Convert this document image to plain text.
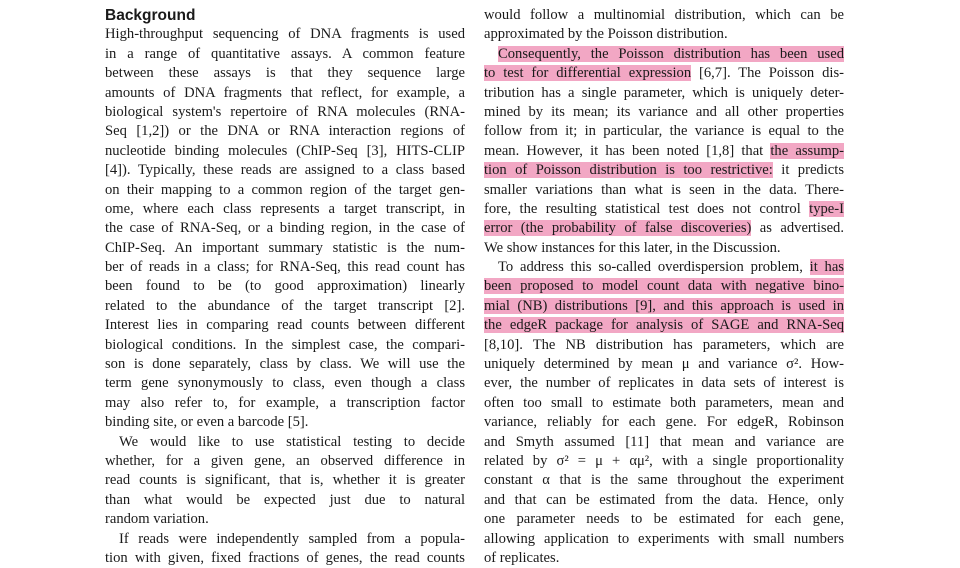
Background
High-throughput sequencing of DNA fragments is used
in a range of quantitative assays. A common feature
between these assays is that they sequence large
amounts of DNA fragments that reflect, for example, a
biological system's repertoire of RNA molecules (RNA-
Seq [1,2]) or the DNA or RNA interaction regions of
nucleotide binding molecules (ChIP-Seq [3], HITS-CLIP
[4]). Typically, these reads are assigned to a class based
on their mapping to a common region of the target gen-
ome, where each class represents a target transcript, in
the case of RNA-Seq, or a binding region, in the case of
ChIP-Seq. An important summary statistic is the num-
ber of reads in a class; for RNA-Seq, this read count has
been found to be (to good approximation) linearly
related to the abundance of the target transcript [2].
Interest lies in comparing read counts between different
biological conditions. In the simplest case, the compari-
son is done separately, class by class. We will use the
term gene synonymously to class, even though a class
may also refer to, for example, a transcription factor
binding site, or even a barcode [5].
We would like to use statistical testing to decide
whether, for a given gene, an observed difference in
read counts is significant, that is, whether it is greater
than what would be expected just due to natural
random variation.
If reads were independently sampled from a popula-
tion with given, fixed fractions of genes, the read counts
would follow a multinomial distribution, which can be
approximated by the Poisson distribution.
Consequently, the Poisson distribution has been used
to test for differential expression [6,7]. The Poisson dis-
tribution has a single parameter, which is uniquely deter-
mined by its mean; its variance and all other properties
follow from it; in particular, the variance is equal to the
mean. However, it has been noted [1,8] that the assump-
tion of Poisson distribution is too restrictive: it predicts
smaller variations than what is seen in the data. There-
fore, the resulting statistical test does not control type-I
error (the probability of false discoveries) as advertised.
We show instances for this later, in the Discussion.
To address this so-called overdispersion problem, it has
been proposed to model count data with negative bino-
mial (NB) distributions [9], and this approach is used in
the edgeR package for analysis of SAGE and RNA-Seq
[8,10]. The NB distribution has parameters, which are
uniquely determined by mean μ and variance σ². How-
ever, the number of replicates in data sets of interest is
often too small to estimate both parameters, mean and
variance, reliably for each gene. For edgeR, Robinson
and Smyth assumed [11] that mean and variance are
related by σ² = μ + αμ², with a single proportionality
constant α that is the same throughout the experiment
and that can be estimated from the data. Hence, only
one parameter needs to be estimated for each gene,
allowing application to experiments with small numbers
of replicates.
